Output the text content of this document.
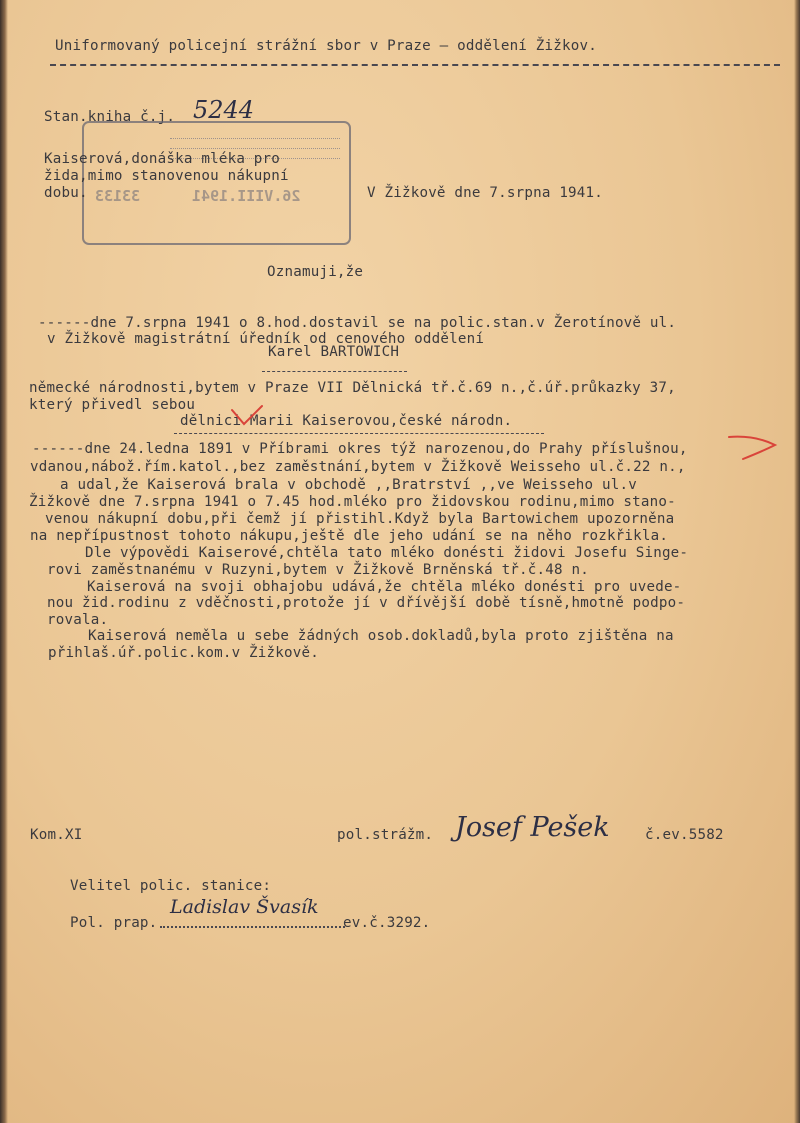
Uniformovaný policejní strážní sbor v Praze – oddělení Žižkov.
Stan.kniha č.j. 5244
26.VIII.1941
33133
Kaiserová,donáška mléka pro
žida,mimo stanovenou nákupní
dobu.	V Žižkově dne 7.srpna 1941.
Oznamuji,že
------dne 7.srpna 1941 o 8.hod.dostavil se na polic.stan.v Žerotínově ul.
v Žižkově magistrátní úředník od cenového oddělení
Karel BARTOWICH
německé národnosti,bytem v Praze VII Dělnická tř.č.69 n.,č.úř.průkazky 37,
který přivedl sebou
dělnici Marii Kaiserovou,české národn.
------dne 24.ledna 1891 v Příbrami okres týž narozenou,do Prahy příslušnou,
vdanou,nábož.řím.katol.,bez zaměstnání,bytem v Žižkově Weisseho ul.č.22 n.,
a udal,že Kaiserová brala v obchodě ,,Bratrství ,,ve Weisseho ul.v
Žižkově dne 7.srpna 1941 o 7.45 hod.mléko pro židovskou rodinu,mimo stano-
venou nákupní dobu,při čemž jí přistihl.Když byla Bartowichem upozorněna
na nepřípustnost tohoto nákupu,ještě dle jeho udání se na něho rozkřikla.
Dle výpovědi Kaiserové,chtěla tato mléko donésti židovi Josefu Singe-
rovi zaměstnanému v Ruzyni,bytem v Žižkově Brněnská tř.č.48 n.
Kaiserová na svoji obhajobu udává,že chtěla mléko donésti pro uvede-
nou žid.rodinu z vděčnosti,protože jí v dřívější době tísně,hmotně podpo-
rovala.
Kaiserová neměla u sebe žádných osob.dokladů,byla proto zjištěna na
přihlaš.úř.polic.kom.v Žižkově.
Kom.XI	pol.strážm. Josef Pešek č.ev.5582
Velitel polic. stanice:
Pol. prap.
Ladislav Švasík
ev.č.3292.
